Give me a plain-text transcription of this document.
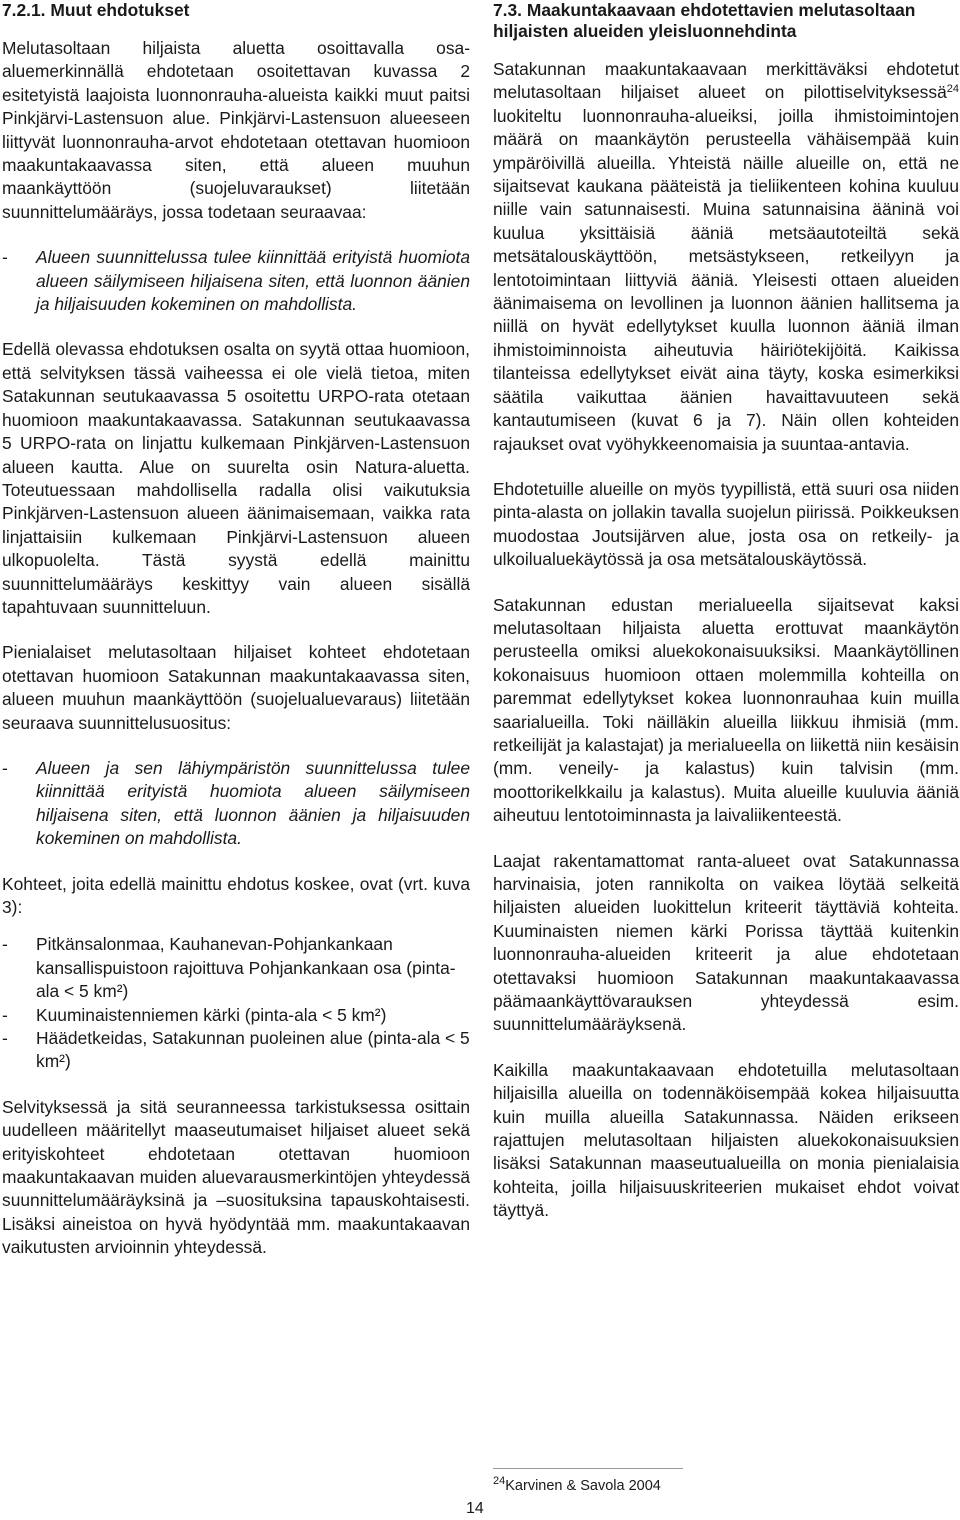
7.2.1. Muut ehdotukset

Melutasoltaan hiljaista aluetta osoittavalla osa-aluemerkinnällä ehdotetaan osoitettavan kuvassa 2 esitetyistä laajoista luonnonrauha-alueista kaikki muut paitsi Pinkjärvi-Lastensuon alue. Pinkjärvi-Lastensuon alueeseen liittyvät luonnonrauha-arvot ehdotetaan otettavan huomioon maakuntakaavassa siten, että alueen muuhun maankäyttöön (suojeluvaraukset) liitetään suunnittelumääräys, jossa todetaan seuraavaa:

-	Alueen suunnittelussa tulee kiinnittää erityistä huomiota alueen säilymiseen hiljaisena siten, että luonnon äänien ja hiljaisuuden kokeminen on mahdollista.

Edellä olevassa ehdotuksen osalta on syytä ottaa huomioon, että selvityksen tässä vaiheessa ei ole vielä tietoa, miten Satakunnan seutukaavassa 5 osoitettu URPO-rata otetaan huomioon maakuntakaavassa. Satakunnan seutukaavassa 5 URPO-rata on linjattu kulkemaan Pinkjärven-Lastensuon alueen kautta. Alue on suurelta osin Natura-aluetta. Toteutuessaan mahdollisella radalla olisi vaikutuksia Pinkjärven-Lastensuon alueen äänimaisemaan, vaikka rata linjattaisiin kulkemaan Pinkjärvi-Lastensuon alueen ulkopuolelta. Tästä syystä edellä mainittu suunnittelumääräys keskittyy vain alueen sisällä tapahtuvaan suunnitteluun.

Pienialaiset melutasoltaan hiljaiset kohteet ehdotetaan otettavan huomioon Satakunnan maakuntakaavassa siten, alueen muuhun maankäyttöön (suojelualuevaraus) liitetään seuraava suunnittelusuositus:

-	Alueen ja sen lähiympäristön suunnittelussa tulee kiinnittää erityistä huomiota alueen säilymiseen hiljaisena siten, että luonnon äänien ja hiljaisuuden kokeminen on mahdollista.

Kohteet, joita edellä mainittu ehdotus koskee, ovat (vrt. kuva 3):

-	Pitkänsalonmaa, Kauhanevan-Pohjankankaan kansallispuistoon rajoittuva Pohjankankaan osa (pinta-ala < 5 km²)
-	Kuuminaistenniemen kärki (pinta-ala < 5 km²)
-	Häädetkeidas, Satakunnan puoleinen alue (pinta-ala < 5 km²)

Selvityksessä ja sitä seuranneessa tarkistuksessa osittain uudelleen määritellyt maaseutumaiset hiljaiset alueet sekä erityiskohteet ehdotetaan otettavan huomioon maakuntakaavan muiden aluevarausmerkintöjen yhteydessä suunnittelumääräyksinä ja –suosituksina tapauskohtaisesti. Lisäksi aineistoa on hyvä hyödyntää mm. maakuntakaavan vaikutusten arvioinnin yhteydessä.

7.3. Maakuntakaavaan ehdotettavien melutasoltaan hiljaisten alueiden yleisluonnehdinta

Satakunnan maakuntakaavaan merkittäväksi ehdotetut melutasoltaan hiljaiset alueet on pilottiselvityksessä$^{24}$ luokiteltu luonnonrauha-alueiksi, joilla ihmistoimintojen määrä on maankäytön perusteella vähäisempää kuin ympäröivillä alueilla. Yhteistä näille alueille on, että ne sijaitsevat kaukana pääteistä ja tieliikenteen kohina kuuluu niille vain satunnaisesti. Muina satunnaisina ääninä voi kuulua yksittäisiä ääniä metsäautoteiltä sekä metsätalouskäyttöön, metsästykseen, retkeilyyn ja lentotoimintaan liittyviä ääniä. Yleisesti ottaen alueiden äänimaisema on levollinen ja luonnon äänien hallitsema ja niillä on hyvät edellytykset kuulla luonnon ääniä ilman ihmistoiminnoista aiheutuvia häiriötekijöitä. Kaikissa tilanteissa edellytykset eivät aina täyty, koska esimerkiksi säätila vaikuttaa äänien havaittavuuteen sekä kantautumiseen (kuvat 6 ja 7). Näin ollen kohteiden rajaukset ovat vyöhykkeenomaisia ja suuntaa-antavia.

Ehdotetuille alueille on myös tyypillistä, että suuri osa niiden pinta-alasta on jollakin tavalla suojelun piirissä. Poikkeuksen muodostaa Joutsijärven alue, josta osa on retkeily- ja ulkoilualuekäytössä ja osa metsätalouskäytössä.

Satakunnan edustan merialueella sijaitsevat kaksi melutasoltaan hiljaista aluetta erottuvat maankäytön perusteella omiksi aluekokonaisuuksiksi. Maankäytöllinen kokonaisuus huomioon ottaen molemmilla kohteilla on paremmat edellytykset kokea luonnonrauhaa kuin muilla saarialueilla. Toki näilläkin alueilla liikkuu ihmisiä (mm. retkeilijät ja kalastajat) ja merialueella on liikettä niin kesäisin (mm. veneily- ja kalastus) kuin talvisin (mm. moottorikelkkailu ja kalastus). Muita alueille kuuluvia ääniä aiheutuu lentotoiminnasta ja laivaliikenteestä.

Laajat rakentamattomat ranta-alueet ovat Satakunnassa harvinaisia, joten rannikolta on vaikea löytää selkeitä hiljaisten alueiden luokittelun kriteerit täyttäviä kohteita. Kuuminaisten niemen kärki Porissa täyttää kuitenkin luonnonrauha-alueiden kriteerit ja alue ehdotetaan otettavaksi huomioon Satakunnan maakuntakaavassa päämaankäyttövarauksen yhteydessä esim. suunnittelumääräyksenä.

Kaikilla maakuntakaavaan ehdotetuilla melutasoltaan hiljaisilla alueilla on todennäköisempää kokea hiljaisuutta kuin muilla alueilla Satakunnassa. Näiden erikseen rajattujen melutasoltaan hiljaisten aluekokonaisuuksien lisäksi Satakunnan maaseutualueilla on monia pienialaisia kohteita, joilla hiljaisuuskriteerien mukaiset ehdot voivat täyttyä.

$^{24}$Karvinen & Savola 2004
14
